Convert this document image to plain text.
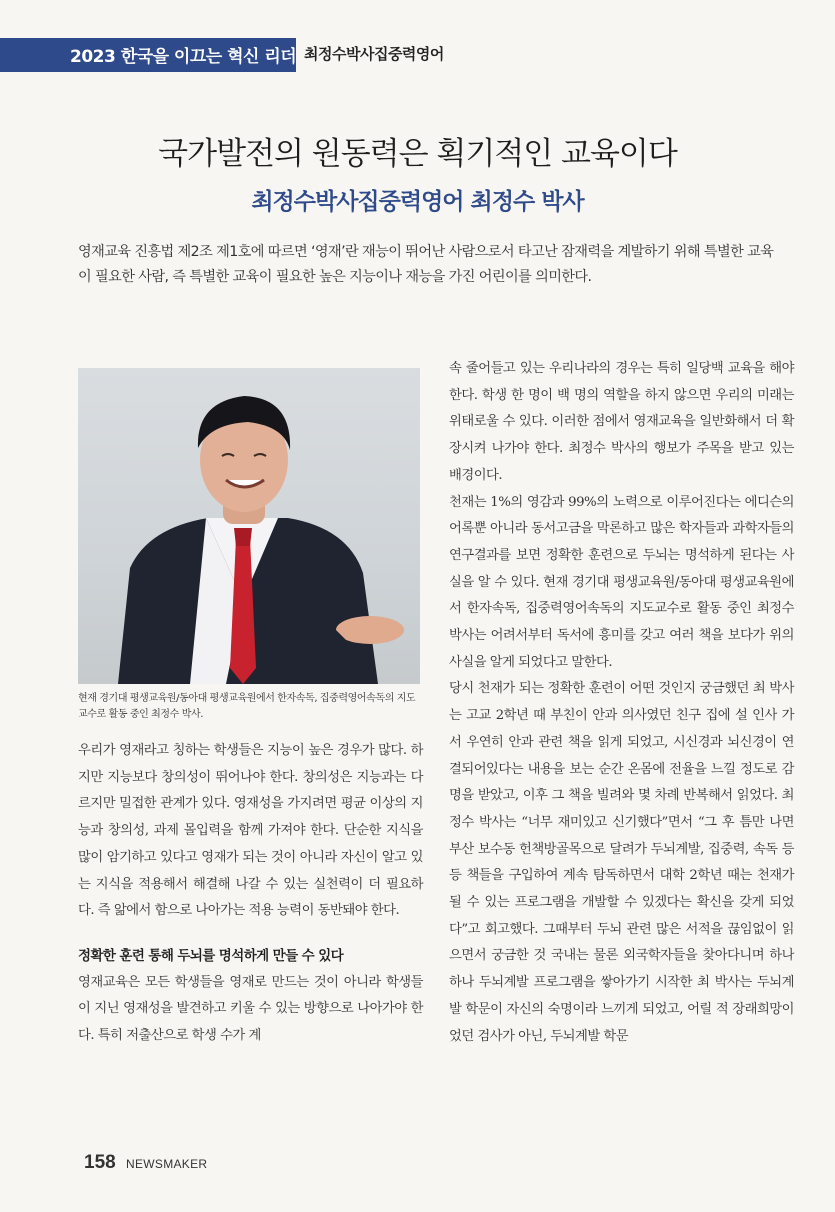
2023 한국을 이끄는 혁신 리더 최정수박사집중력영어
국가발전의 원동력은 획기적인 교육이다
최정수박사집중력영어 최정수 박사
영재교육 진흥법 제2조 제1호에 따르면 ‘영재’란 재능이 뛰어난 사람으로서 타고난 잠재력을 계발하기 위해 특별한 교육이 필요한 사람, 즉 특별한 교육이 필요한 높은 지능이나 재능을 가진 어린이를 의미한다.
현재 경기대 평생교육원/동아대 평생교육원에서 한자속독, 집중력영어속독의 지도교수로 활동 중인 최정수 박사.

우리가 영재라고 칭하는 학생들은 지능이 높은 경우가 많다. 하지만 지능보다 창의성이 뛰어나야 한다. 창의성은 지능과는 다르지만 밀접한 관계가 있다. 영재성을 가지려면 평균 이상의 지능과 창의성, 과제 몰입력을 함께 가져야 한다. 단순한 지식을 많이 암기하고 있다고 영재가 되는 것이 아니라 자신이 알고 있는 지식을 적용해서 해결해 나갈 수 있는 실천력이 더 필요하다. 즉 앎에서 함으로 나아가는 적용 능력이 동반돼야 한다.

정확한 훈련 통해 두뇌를 명석하게 만들 수 있다

영재교육은 모든 학생들을 영재로 만드는 것이 아니라 학생들이 지닌 영재성을 발견하고 키울 수 있는 방향으로 나아가야 한다. 특히 저출산으로 학생 수가 계

속 줄어들고 있는 우리나라의 경우는 특히 일당백 교육을 해야 한다. 학생 한 명이 백 명의 역할을 하지 않으면 우리의 미래는 위태로울 수 있다. 이러한 점에서 영재교육을 일반화해서 더 확장시켜 나가야 한다. 최정수 박사의 행보가 주목을 받고 있는 배경이다.

천재는 1%의 영감과 99%의 노력으로 이루어진다는 에디슨의 어록뿐 아니라 동서고금을 막론하고 많은 학자들과 과학자들의 연구결과를 보면 정확한 훈련으로 두뇌는 명석하게 된다는 사실을 알 수 있다. 현재 경기대 평생교육원/동아대 평생교육원에서 한자속독, 집중력영어속독의 지도교수로 활동 중인 최정수 박사는 어려서부터 독서에 흥미를 갖고 여러 책을 보다가 위의 사실을 알게 되었다고 말한다.

당시 천재가 되는 정확한 훈련이 어떤 것인지 궁금했던 최 박사는 고교 2학년 때 부친이 안과 의사였던 친구 집에 설 인사 가서 우연히 안과 관련 책을 읽게 되었고, 시신경과 뇌신경이 연결되어있다는 내용을 보는 순간 온몸에 전율을 느낄 정도로 감명을 받았고, 이후 그 책을 빌려와 몇 차례 반복해서 읽었다. 최정수 박사는 “너무 재미있고 신기했다”면서 “그 후 틈만 나면 부산 보수동 헌책방골목으로 달려가 두뇌계발, 집중력, 속독 등등 책들을 구입하여 계속 탐독하면서 대학 2학년 때는 천재가 될 수 있는 프로그램을 개발할 수 있겠다는 확신을 갖게 되었다”고 회고했다. 그때부터 두뇌 관련 많은 서적을 끊임없이 읽으면서 궁금한 것 국내는 물론 외국학자들을 찾아다니며 하나하나 두뇌계발 프로그램을 쌓아가기 시작한 최 박사는 두뇌계발 학문이 자신의 숙명이라 느끼게 되었고, 어릴 적 장래희망이었던 검사가 아닌, 두뇌계발 학문

158 NEWSMAKER
